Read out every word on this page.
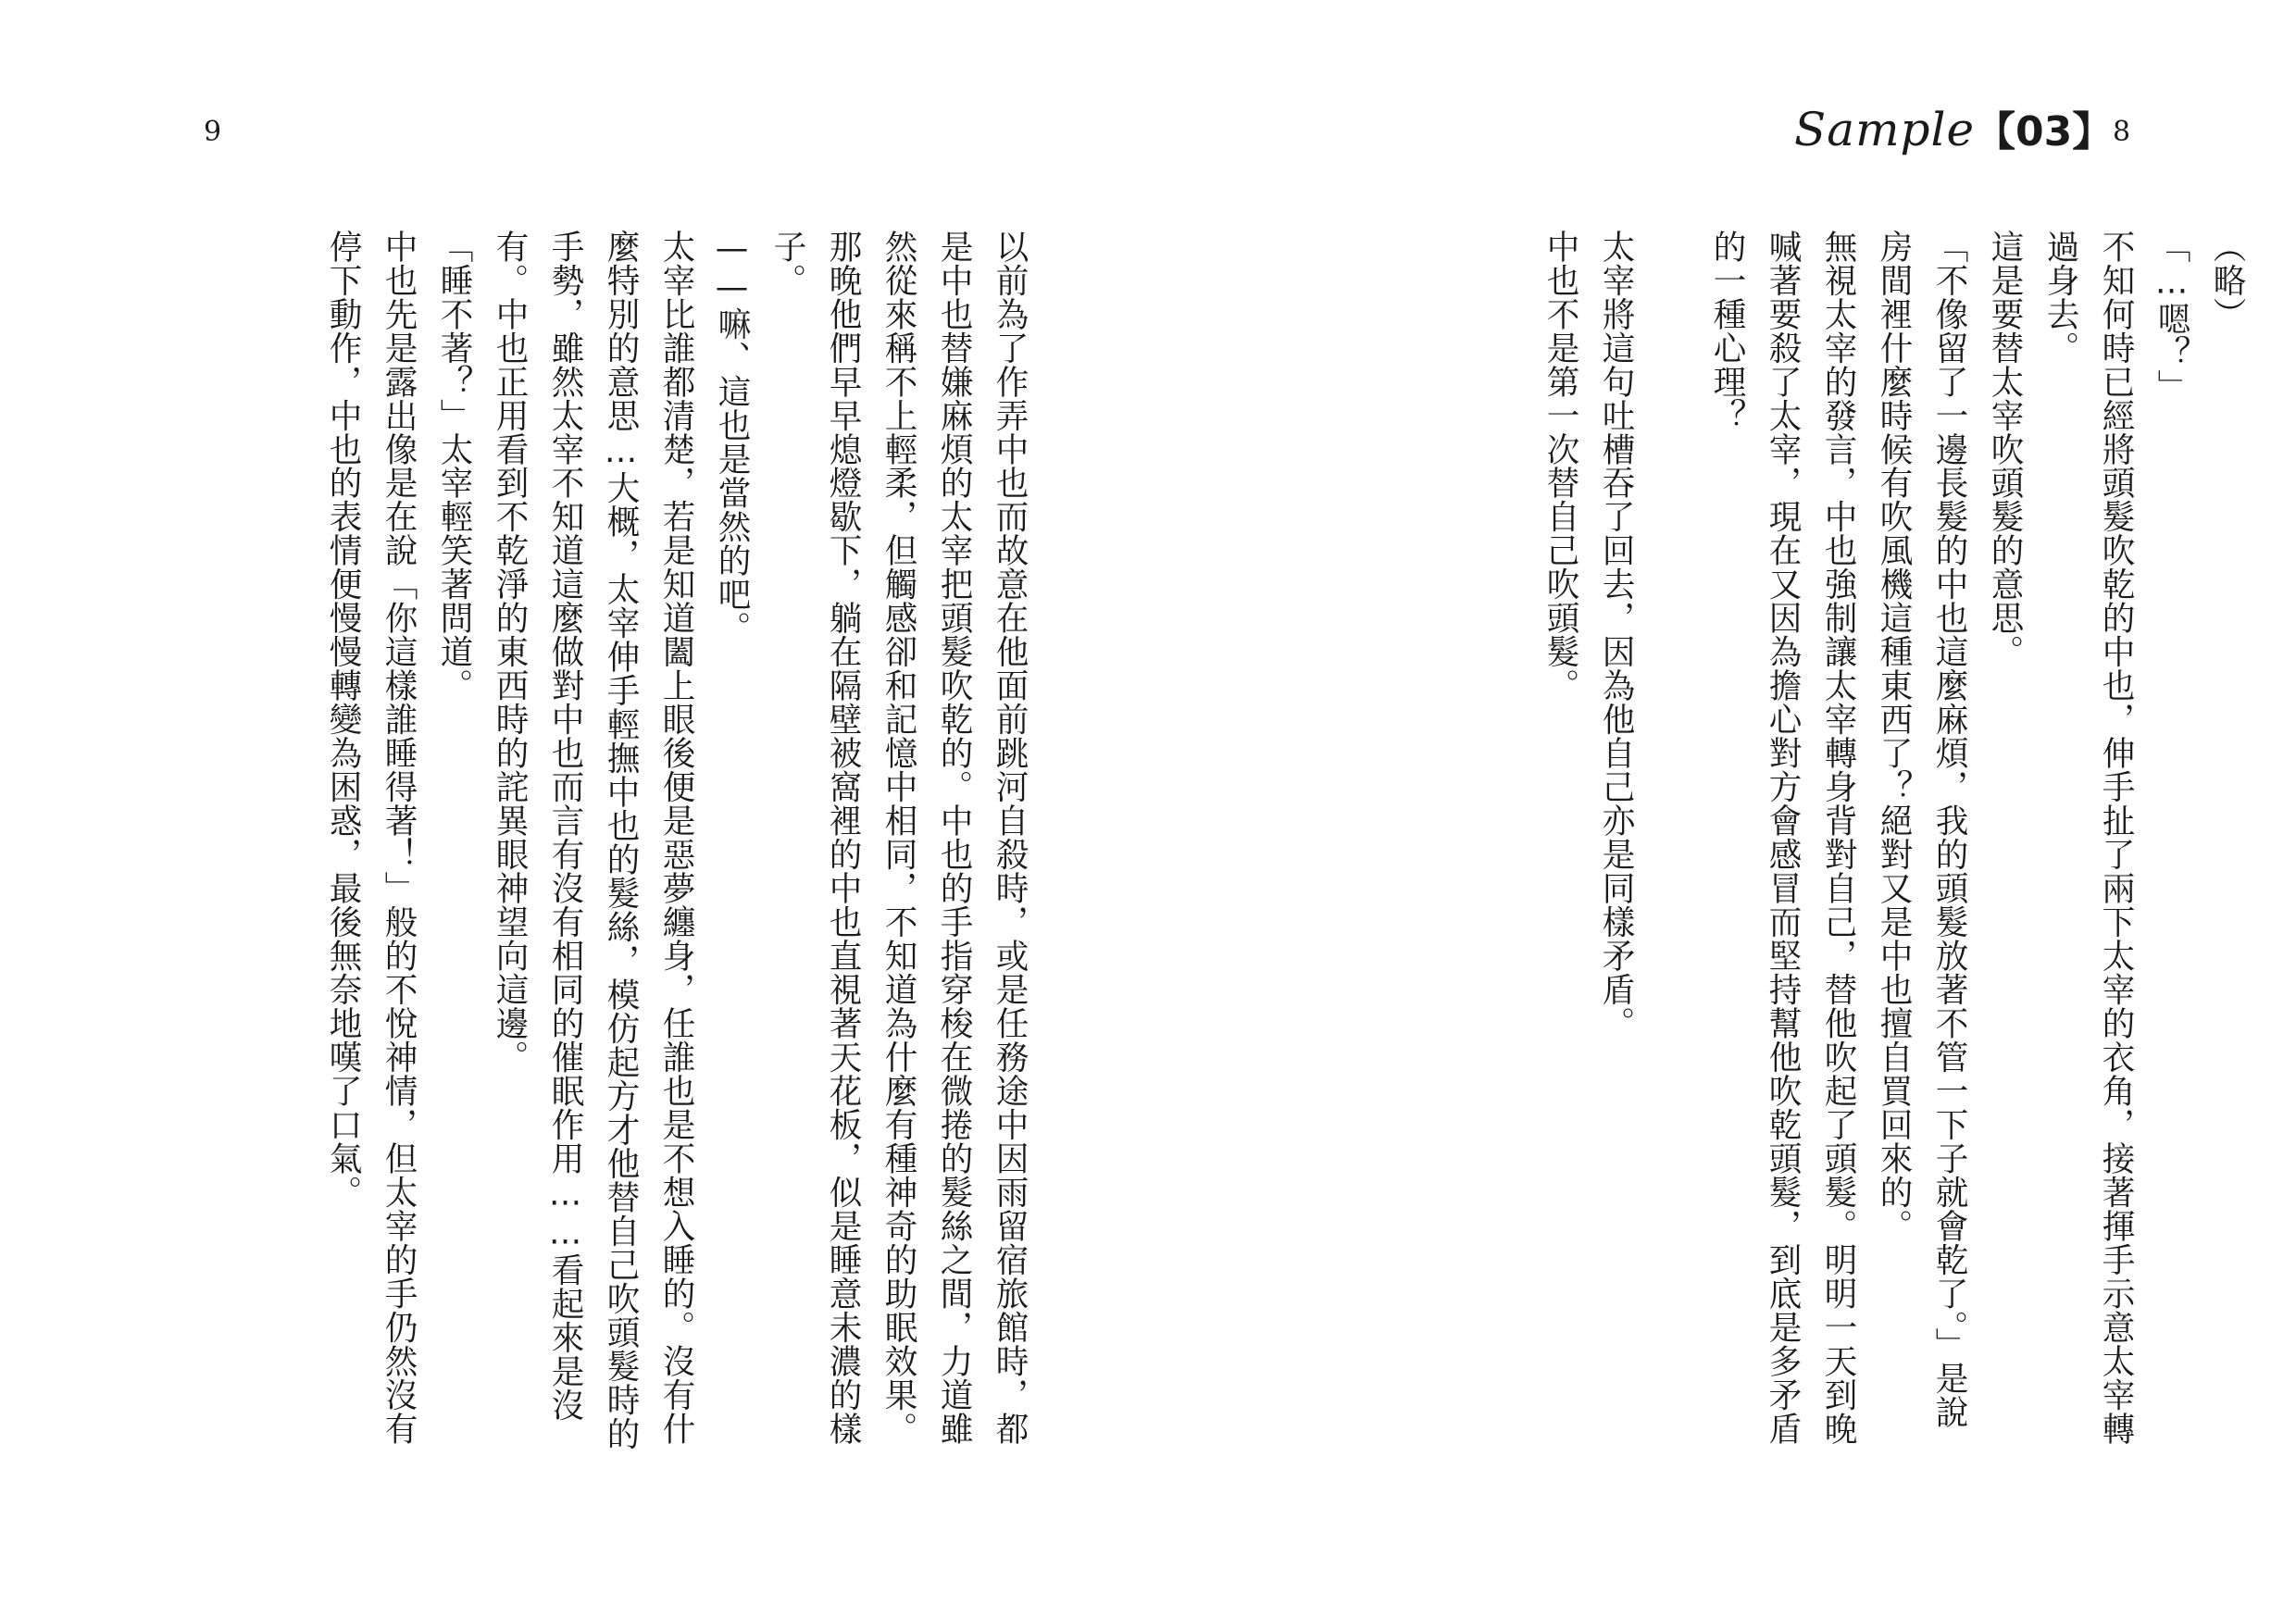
9

以前為了作弄中也而故意在他面前跳河自殺時，或是任務途中因雨留宿旅館時，都是中也替嫌麻煩的太宰把頭髮吹乾的。中也的手指穿梭在微捲的髮絲之間，力道雖然從來稱不上輕柔，但觸感卻和記憶中相同，不知道為什麼有種神奇的助眠效果。

那晚他們早早熄燈歇下，躺在隔壁被窩裡的中也直視著天花板，似是睡意未濃的樣子。

——嘛、這也是當然的吧。

太宰比誰都清楚，若是知道闔上眼後便是惡夢纏身，任誰也是不想入睡的。沒有什麼特別的意思…大概，太宰伸手輕撫中也的髮絲，模仿起方才他替自己吹頭髮時的手勢，雖然太宰不知道這麼做對中也而言有沒有相同的催眠作用……看起來是沒有。中也正用看到不乾淨的東西時的詫異眼神望向這邊。

「睡不著？」太宰輕笑著問道。

中也先是露出像是在說「你這樣誰睡得著！」般的不悅神情，但太宰的手仍然沒有停下動作，中也的表情便慢慢轉變為困惑，最後無奈地嘆了口氣。

Sample【03】 8

（略）

「…嗯？」

不知何時已經將頭髮吹乾的中也，伸手扯了兩下太宰的衣角，接著揮手示意太宰轉過身去。

這是要替太宰吹頭髮的意思。

「不像留了一邊長髮的中也這麼麻煩，我的頭髮放著不管一下子就會乾了。」是說房間裡什麼時候有吹風機這種東西了？絕對又是中也擅自買回來的。

無視太宰的發言，中也強制讓太宰轉身背對自己，替他吹起了頭髮。明明一天到晚喊著要殺了太宰，現在又因為擔心對方會感冒而堅持幫他吹乾頭髮，到底是多矛盾的一種心理？

太宰將這句吐槽吞了回去，因為他自己亦是同樣矛盾。

中也不是第一次替自己吹頭髮。
